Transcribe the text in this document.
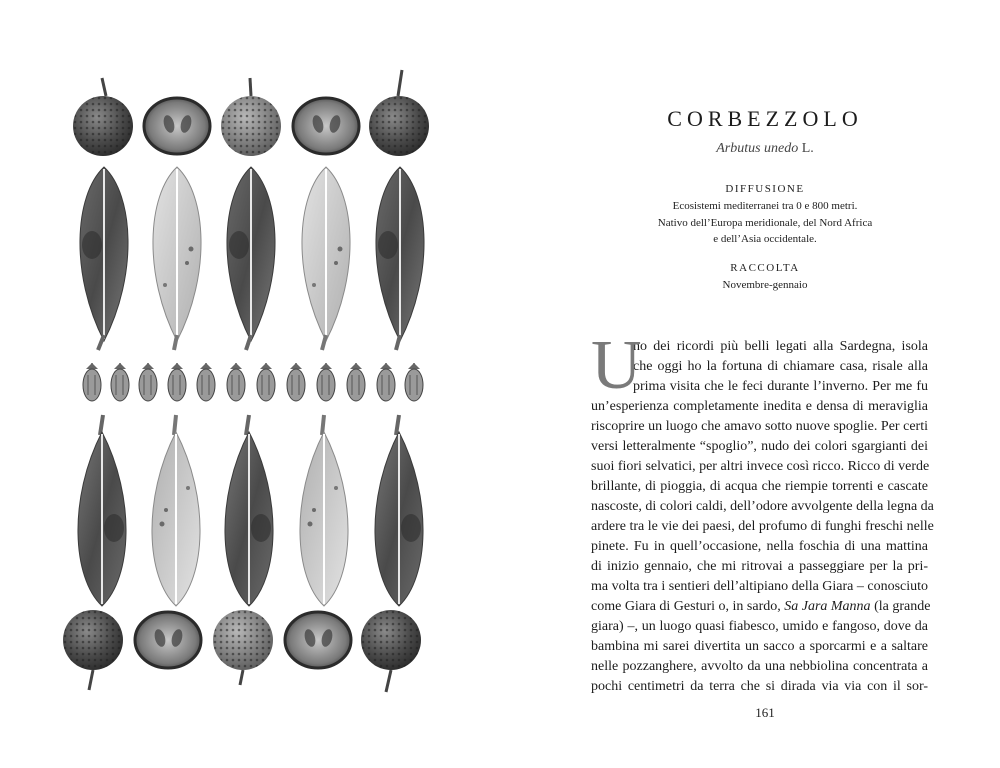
CORBEZZOLO
Arbutus unedo L.
DIFFUSIONE
Ecosistemi mediterranei tra 0 e 800 metri.
Nativo dell’Europa meridionale, del Nord Africa
e dell’Asia occidentale.
RACCOLTA
Novembre-gennaio
U
no dei ricordi più belli legati alla Sardegna, isola
che oggi ho la fortuna di chiamare casa, risale alla
prima visita che le feci durante l’inverno. Per me fu
un’esperienza completamente inedita e densa di meraviglia
riscoprire un luogo che amavo sotto nuove spoglie. Per certi
versi letteralmente “spoglio”, nudo dei colori sgargianti dei
suoi fiori selvatici, per altri invece così ricco. Ricco di verde
brillante, di pioggia, di acqua che riempie torrenti e cascate
nascoste, di colori caldi, dell’odore avvolgente della legna da
ardere tra le vie dei paesi, del profumo di funghi freschi nelle
pinete. Fu in quell’occasione, nella foschia di una mattina
di inizio gennaio, che mi ritrovai a passeggiare per la pri-
ma volta tra i sentieri dell’altipiano della Giara – conosciuto
come Giara di Gesturi o, in sardo, Sa Jara Manna (la grande
giara) –, un luogo quasi fiabesco, umido e fangoso, dove da
bambina mi sarei divertita un sacco a sporcarmi e a saltare
nelle pozzanghere, avvolto da una nebbiolina concentrata a
pochi centimetri da terra che si dirada via via con il sor-
161
